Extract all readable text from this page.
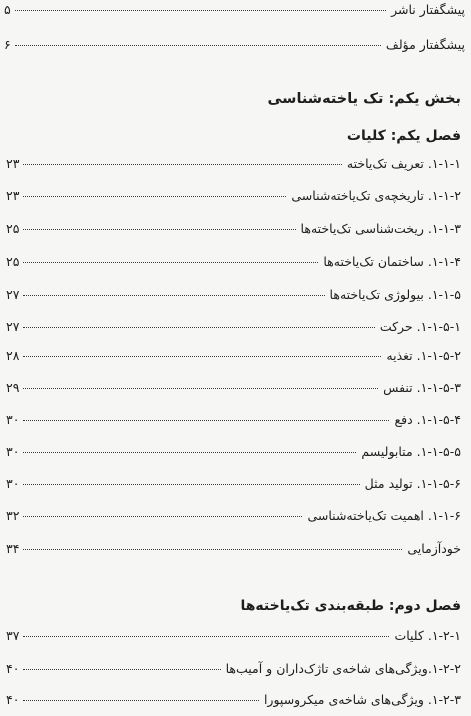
پیشگفتار ناشر
۵
پیشگفتار مؤلف
۶
بخش یکم: تک یاخته‌شناسی
فصل یکم: کلیات
۱-۱-۱. تعریف تک‌یاخته
۲۳
۱-۱-۲. تاریخچه‌ی تک‌یاخته‌شناسی
۲۳
۱-۱-۳. ریخت‌شناسی تک‌یاخته‌ها
۲۵
۱-۱-۴. ساختمان تک‌یاخته‌ها
۲۵
۱-۱-۵. بیولوژی تک‌یاخته‌ها
۲۷
۱-۱-۵-۱. حرکت
۲۷
۱-۱-۵-۲. تغذیه
۲۸
۱-۱-۵-۳. تنفس
۲۹
۱-۱-۵-۴. دفع
۳۰
۱-۱-۵-۵. متابولیسم
۳۰
۱-۱-۵-۶. تولید مثل
۳۰
۱-۱-۶. اهمیت تک‌یاخته‌شناسی
۳۲
خودآزمایی
۳۴
فصل دوم: طبقه‌بندی تک‌یاخته‌ها
۱-۲-۱. کلیات
۳۷
۱-۲-۲.ویژگی‌های شاخه‌ی تاژک‌داران و آمیب‌ها
۴۰
۱-۲-۳. ویژگی‌های شاخه‌ی میکروسپورا
۴۰
